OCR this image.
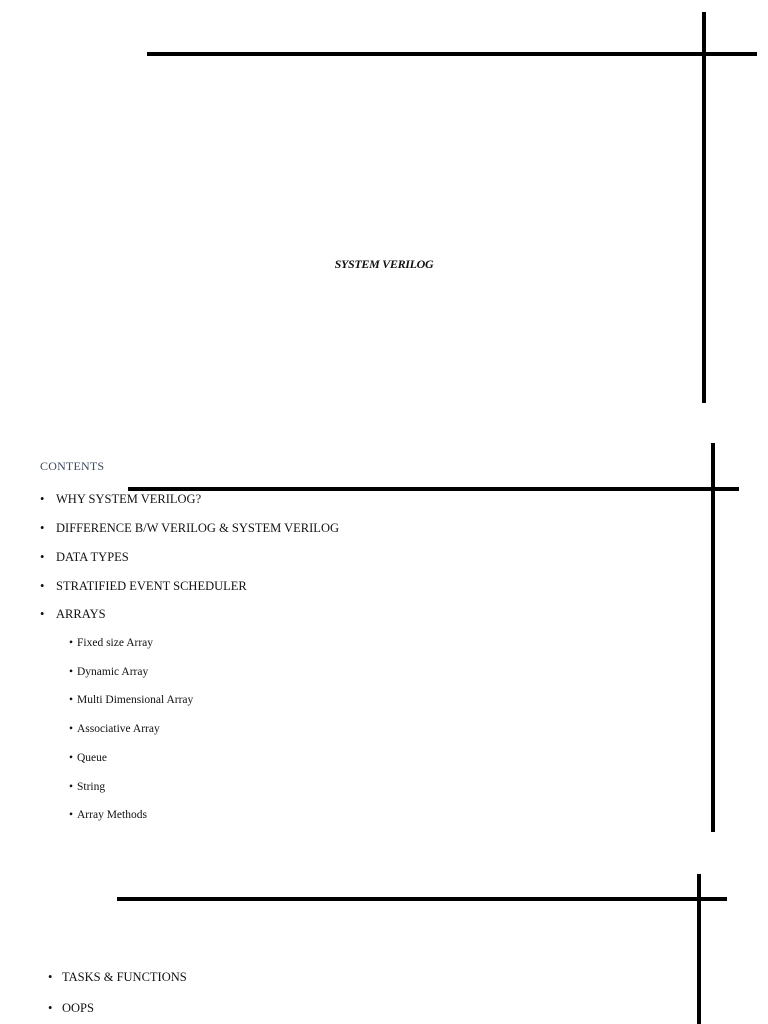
SYSTEM VERILOG
CONTENTS
• WHY SYSTEM VERILOG?
• DIFFERENCE B/W VERILOG & SYSTEM VERILOG
• DATA TYPES
• STRATIFIED EVENT SCHEDULER
• ARRAYS
• Fixed size Array
• Dynamic Array
• Multi Dimensional Array
• Associative Array
• Queue
• String
• Array Methods
• TASKS & FUNCTIONS
• OOPS
